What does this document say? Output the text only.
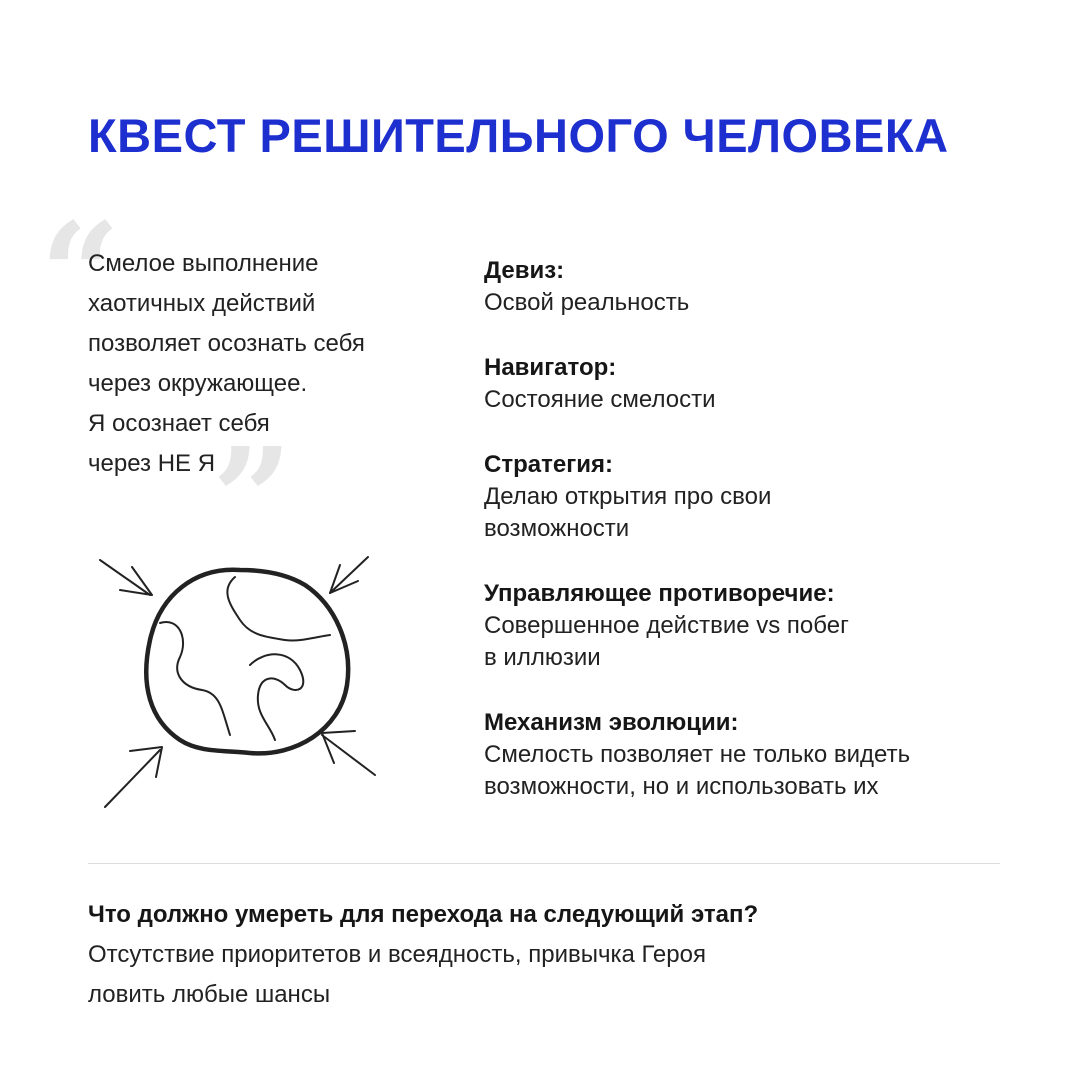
КВЕСТ РЕШИТЕЛЬНОГО ЧЕЛОВЕКА
“
Смелое выполнение
хаотичных действий
позволяет осознать себя
через окружающее.
Я осознает себя
через НЕ Я
”
Девиз:
Освой реальность
Навигатор:
Состояние смелости
Стратегия:
Делаю открытия про свои
возможности
Управляющее противоречие:
Совершенное действие vs побег
в иллюзии
Механизм эволюции:
Смелость позволяет не только видеть
возможности, но и использовать их
Что должно умереть для перехода на следующий этап?
Отсутствие приоритетов и всеядность, привычка Героя
ловить любые шансы
